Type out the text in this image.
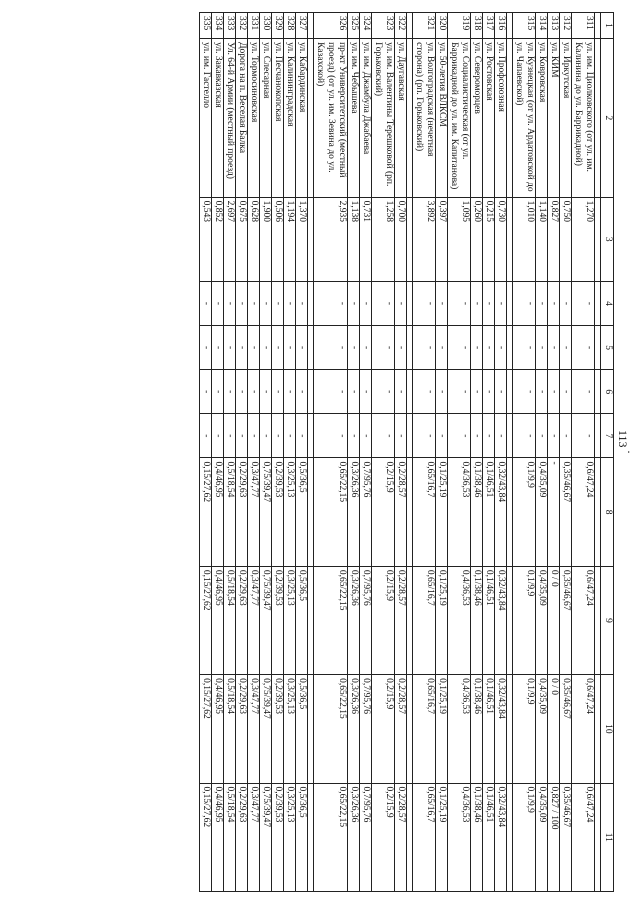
113
·
1	2	3	4	5	6	7	8	9	10	11

311	ул. им. Циолковского (от ул. им. Калинина до ул. Баррикадной)	1,270	-	-	-	-	0,6/47,24	0,6/47,24	0,6/47,24	0,6/47,24
312	ул. Иркутская	0,750	-	-	-	-	0,35/46,67	0,35/46,67	0,35/46,67	0,35/46,67
313	ул. КИМ	0,827	-	-	-	-	-	0 / 0	0 / 0	0,827 / 100
314	ул. Ковровская	1,140	-	-	-	-	0,4/35,09	0,4/35,09	0,4/35,09	0,4/35,09
315	ул. Кузнецкая (от ул. Ардатовской до ул. Чапаевской)	1,010	-	-	-	-	0,1/9,9	0,1/9,9	0,1/9,9	0,1/9,9

316	ул. Профсоюзная	0,730	-	-	-	-	0,32/43,84	0,32/43,84	0,32/43,84	0,32/43,84
317	ул. Ростовская	0,215	-	-	-	-	0,1/46,51	0,1/46,51	0,1/46,51	0,1/46,51
318	ул. Североморцев	0,260	-	-	-	-	0,1/38,46	0,1/38,46	0,1/38,46	0,1/38,46
319	ул. Социалистическая (от ул. Баррикадной до ул. им. Капитанова)	1,095	-	-	-	-	0,4/36,53	0,4/36,53	0,4/36,53	0,4/36,53
320	ул. 50-летия ВЛКСМ	0,397	-	-	-	-	0,1/25,19	0,1/25,19	0,1/25,19	0,1/25,19
321	ул. Волгоградская (нечетная сторона) (рп. Горьковский)	3,892	-	-	-	-	0,65/16,7	0,65/16,7	0,65/16,7	0,65/16,7

322	ул. Даугавская	0,700	-	-	-	-	0,2/28,57	0,2/28,57	0,2/28,57	0,2/28,57
323	ул. им. Валентины Терешковой (рп. Горьковский)	1,258	-	-	-	-	0,2/15,9	0,2/15,9	0,2/15,9	0,2/15,9
324	ул. им. Джамбула Джабаева	0,731	-	-	-	-	0,7/95,76	0,7/95,76	0,7/95,76	0,7/95,76
325	ул. им. Чебышева	1,138	-	-	-	-	0,3/26,36	0,3/26,36	0,3/26,36	0,3/26,36
326	пр-кт Университетский (местный проезд) (от ул. им. Зевина до ул. Казахской)	2,935	-	-	-	-	0,65/22,15	0,65/22,15	0,65/22,15	0,65/22,15

327	ул. Кабардинская	1,370	-	-	-	-	0,5/36,5	0,5/36,5	0,5/36,5	0,5/36,5
328	ул. Калининградская	1,194	-	-	-	-	0,3/25,13	0,3/25,13	0,3/25,13	0,3/25,13
329	ул. Песчанокопская	0,506	-	-	-	-	0,2/39,53	0,2/39,53	0,2/39,53	0,2/39,53
330	ул. Слесарная	1,900	-	-	-	-	0,75/39,47	0,75/39,47	0,75/39,47	0,75/39,47
331	ул. Тормосиновская	0,628	-	-	-	-	0,3/47,77	0,3/47,77	0,3/47,77	0,3/47,77
332	Дорога на п. Веселая Балка	0,675	-	-	-	-	0,2/29,63	0,2/29,63	0,2/29,63	0,2/29,63
333	Ул. 64-й Армии (местный проезд)	2,697	-	-	-	-	0,5/18,54	0,5/18,54	0,5/18,54	0,5/18,54
334	ул. Закавказская	0,852	-	-	-	-	0,4/46,95	0,4/46,95	0,4/46,95	0,4/46,95
335	ул. им. Гастелло	0,543	-	-	-	-	0,15/27,62	0,15/27,62	0,15/27,62	0,15/27,62
